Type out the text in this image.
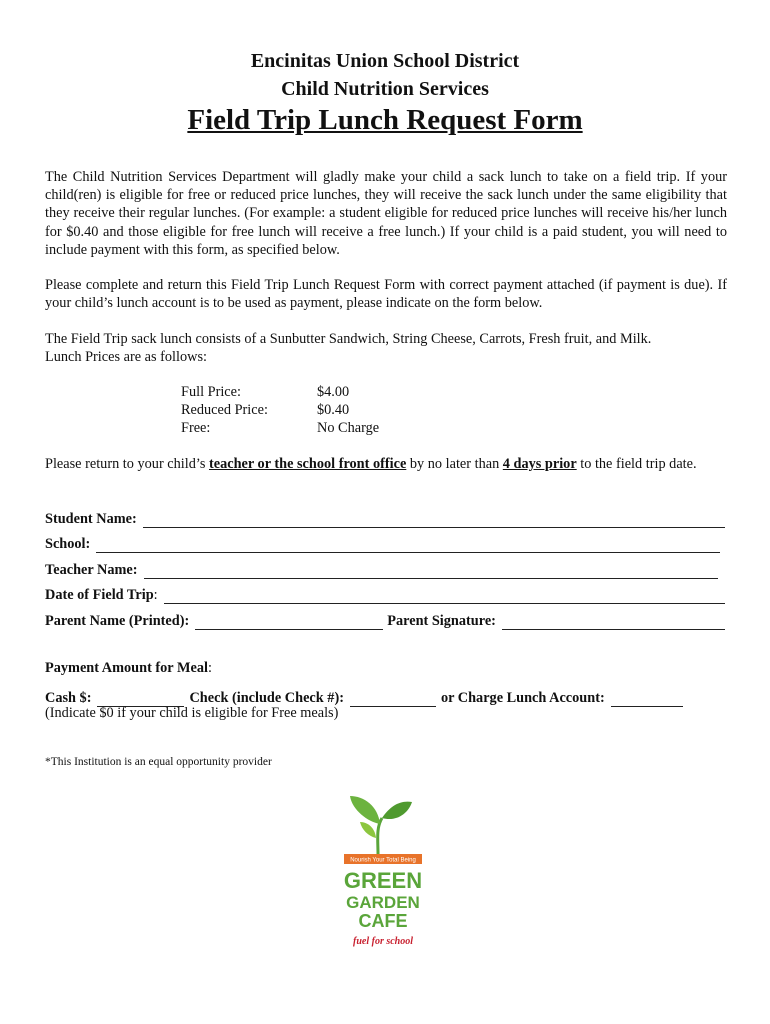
Encinitas Union School District
Child Nutrition Services
Field Trip Lunch Request Form

The Child Nutrition Services Department will gladly make your child a sack lunch to take on a field trip. If your child(ren) is eligible for free or reduced price lunches, they will receive the sack lunch under the same eligibility that they receive their regular lunches. (For example: a student eligible for reduced price lunches will receive his/her lunch for $0.40 and those eligible for free lunch will receive a free lunch.) If your child is a paid student, you will need to include payment with this form, as specified below.

Please complete and return this Field Trip Lunch Request Form with correct payment attached (if payment is due). If your child’s lunch account is to be used as payment, please indicate on the form below.

The Field Trip sack lunch consists of a Sunbutter Sandwich, String Cheese, Carrots, Fresh fruit, and Milk.
Lunch Prices are as follows:

Full Price:	$4.00
Reduced Price:	$0.40
Free:	No Charge

Please return to your child’s teacher or the school front office by no later than 4 days prior to the field trip date.

Student Name:
School:
Teacher Name:
Date of Field Trip :
Parent Name (Printed):	Parent Signature:
Payment Amount for Meal:
Cash $:	Check (include Check #):	or Charge Lunch Account:
(Indicate $0 if your child is eligible for Free meals)
*This Institution is an equal opportunity provider
Nourish Your Total Being
GREEN
GARDEN
CAFE
fuel for school
